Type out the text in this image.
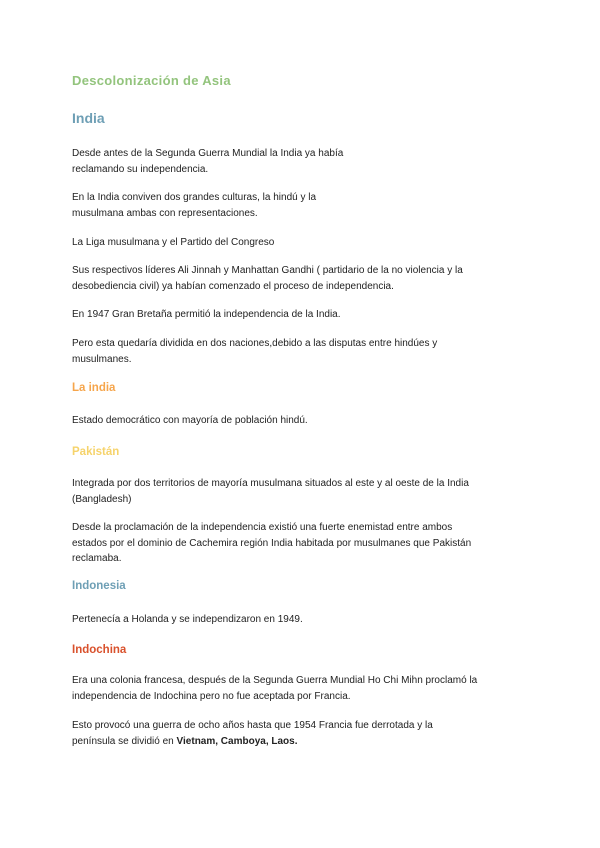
Descolonización de Asia
India
Desde antes de la Segunda Guerra Mundial la India ya había
reclamando su independencia.
En la India conviven dos grandes culturas, la hindú y la
musulmana ambas con representaciones.
La Liga musulmana y el Partido del Congreso
Sus respectivos líderes Ali Jinnah y Manhattan Gandhi ( partidario de la no violencia y la
desobediencia civil) ya habían comenzado el proceso de independencia.
En 1947 Gran Bretaña permitió la independencia de la India.
Pero esta quedaría dividida en dos naciones,debido a las disputas entre hindúes y
musulmanes.
La india
Estado democrático con mayoría de población hindú.
Pakistán
Integrada por dos territorios de mayoría musulmana situados al este y al oeste de la India
(Bangladesh)
Desde la proclamación de la independencia existió una fuerte enemistad entre ambos
estados por el dominio de Cachemira región India habitada por musulmanes que Pakistán
reclamaba.
Indonesia
Pertenecía a Holanda y se independizaron en 1949.
Indochina
Era una colonia francesa, después de la Segunda Guerra Mundial Ho Chi Mihn proclamó la
independencia de Indochina pero no fue aceptada por Francia.
Esto provocó una guerra de ocho años hasta que 1954 Francia fue derrotada y la
península se dividió en Vietnam, Camboya, Laos.
